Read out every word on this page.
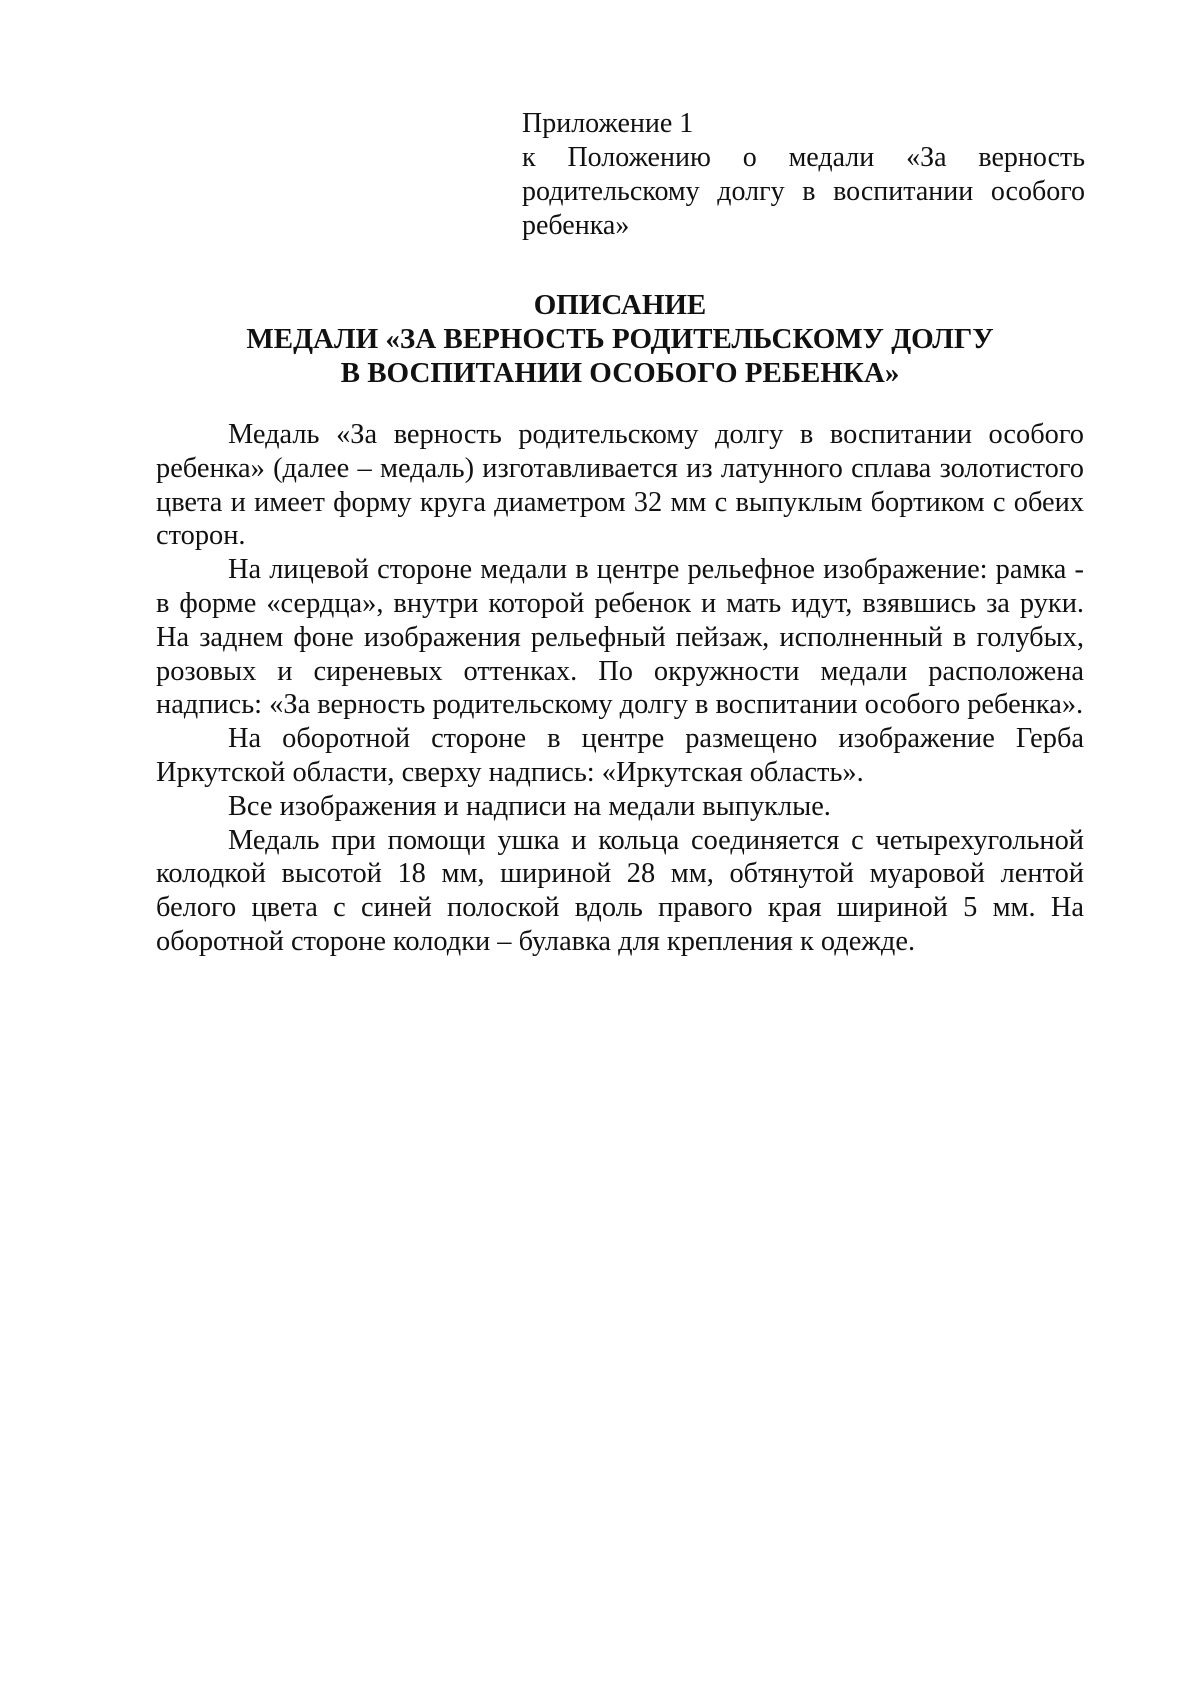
Приложение 1
к Положению о медали «За верность родительскому долгу в воспитании особого ребенка»
ОПИСАНИЕ
МЕДАЛИ «ЗА ВЕРНОСТЬ РОДИТЕЛЬСКОМУ ДОЛГУ
В ВОСПИТАНИИ ОСОБОГО РЕБЕНКА»

Медаль «За верность родительскому долгу в воспитании особого ребенка» (далее – медаль) изготавливается из латунного сплава золотистого цвета и имеет форму круга диаметром 32 мм с выпуклым бортиком с обеих сторон.

На лицевой стороне медали в центре рельефное изображение: рамка - в форме «сердца», внутри которой ребенок и мать идут, взявшись за руки. На заднем фоне изображения рельефный пейзаж, исполненный в голубых, розовых и сиреневых оттенках. По окружности медали расположена надпись: «За верность родительскому долгу в воспитании особого ребенка».

На оборотной стороне в центре размещено изображение Герба Иркутской области, сверху надпись: «Иркутская область».

Все изображения и надписи на медали выпуклые.

Медаль при помощи ушка и кольца соединяется с четырехугольной колодкой высотой 18 мм, шириной 28 мм, обтянутой муаровой лентой белого цвета с синей полоской вдоль правого края шириной 5 мм. На оборотной стороне колодки – булавка для крепления к одежде.
